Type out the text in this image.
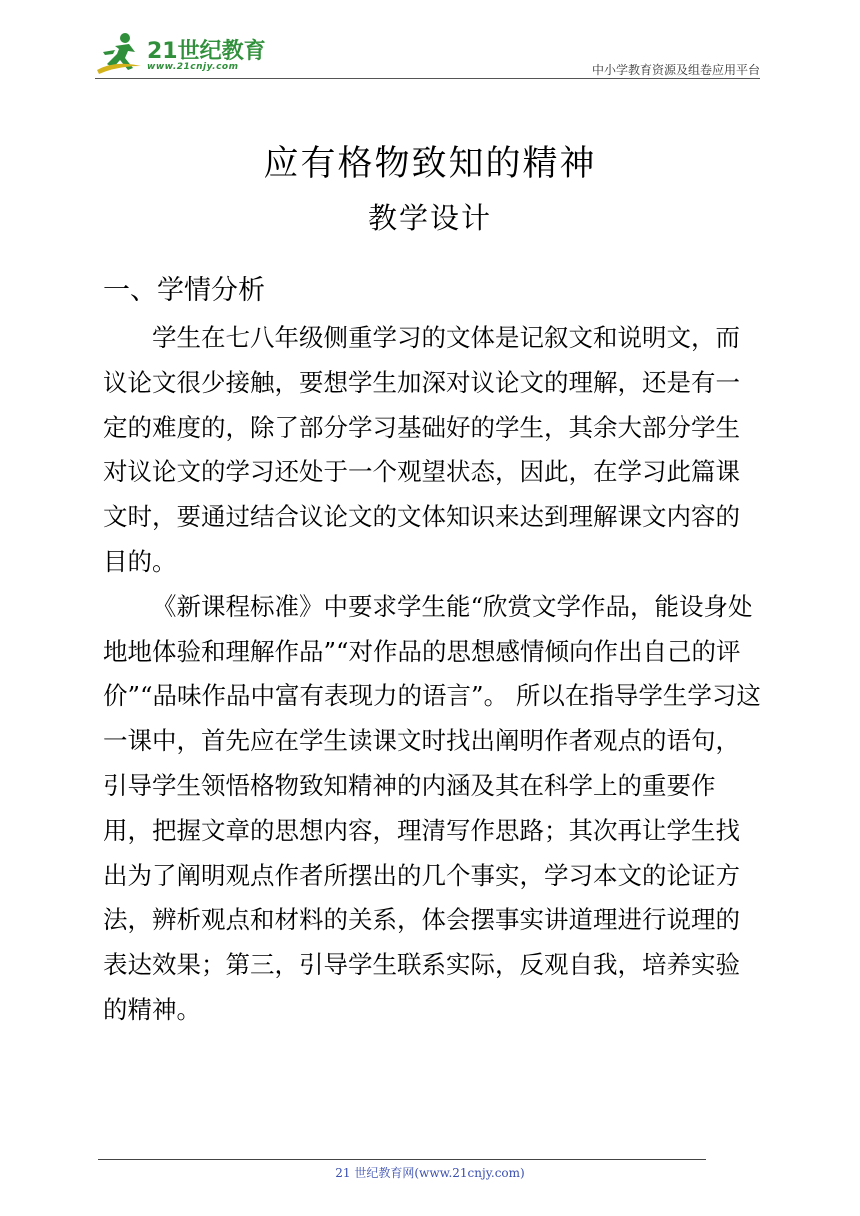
21世纪教育
www.21cnjy.com	中小学教育资源及组卷应用平台
应有格物致知的精神
教学设计
一、学情分析

学生在七八年级侧重学习的文体是记叙文和说明文，而议论文很少接触，要想学生加深对议论文的理解，还是有一定的难度的，除了部分学习基础好的学生，其余大部分学生对议论文的学习还处于一个观望状态，因此，在学习此篇课文时，要通过结合议论文的文体知识来达到理解课文内容的目的。

《新课程标准》中要求学生能“欣赏文学作品，能设身处地地体验和理解作品”“对作品的思想感情倾向作出自己的评价”“品味作品中富有表现力的语言”。 所以在指导学生学习这一课中，首先应在学生读课文时找出阐明作者观点的语句，引导学生领悟格物致知精神的内涵及其在科学上的重要作用，把握文章的思想内容，理清写作思路；其次再让学生找出为了阐明观点作者所摆出的几个事实，学习本文的论证方法，辨析观点和材料的关系，体会摆事实讲道理进行说理的表达效果；第三，引导学生联系实际，反观自我，培养实验的精神。

21 世纪教育网(www.21cnjy.com)
